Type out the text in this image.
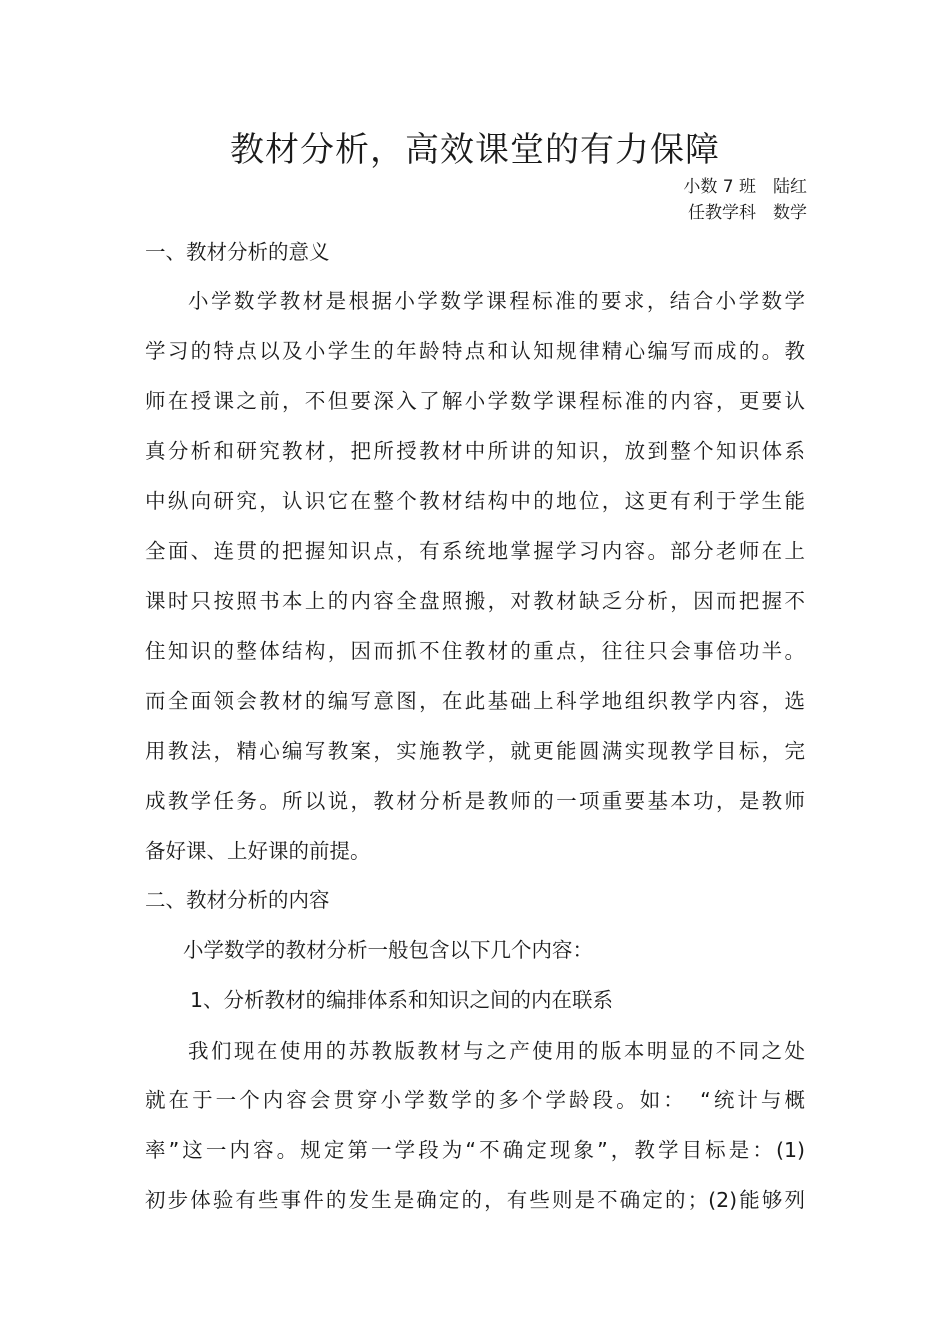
教材分析，高效课堂的有力保障
小数 7 班　陆红
任教学科　数学
一、教材分析的意义
小学数学教材是根据小学数学课程标准的要求，结合小学数学
学习的特点以及小学生的年龄特点和认知规律精心编写而成的。教
师在授课之前，不但要深入了解小学数学课程标准的内容，更要认
真分析和研究教材，把所授教材中所讲的知识，放到整个知识体系
中纵向研究，认识它在整个教材结构中的地位，这更有利于学生能
全面、连贯的把握知识点，有系统地掌握学习内容。部分老师在上
课时只按照书本上的内容全盘照搬，对教材缺乏分析，因而把握不
住知识的整体结构，因而抓不住教材的重点，往往只会事倍功半。
而全面领会教材的编写意图，在此基础上科学地组织教学内容，选
用教法，精心编写教案，实施教学，就更能圆满实现教学目标，完
成教学任务。所以说，教材分析是教师的一项重要基本功，是教师
备好课、上好课的前提。
二、教材分析的内容
小学数学的教材分析一般包含以下几个内容：
1、分析教材的编排体系和知识之间的内在联系
我们现在使用的苏教版教材与之产使用的版本明显的不同之处
就在于一个内容会贯穿小学数学的多个学龄段。如：　“统计与概
率”这一内容。规定第一学段为“不确定现象”，教学目标是：(1)
初步体验有些事件的发生是确定的，有些则是不确定的；(2)能够列
